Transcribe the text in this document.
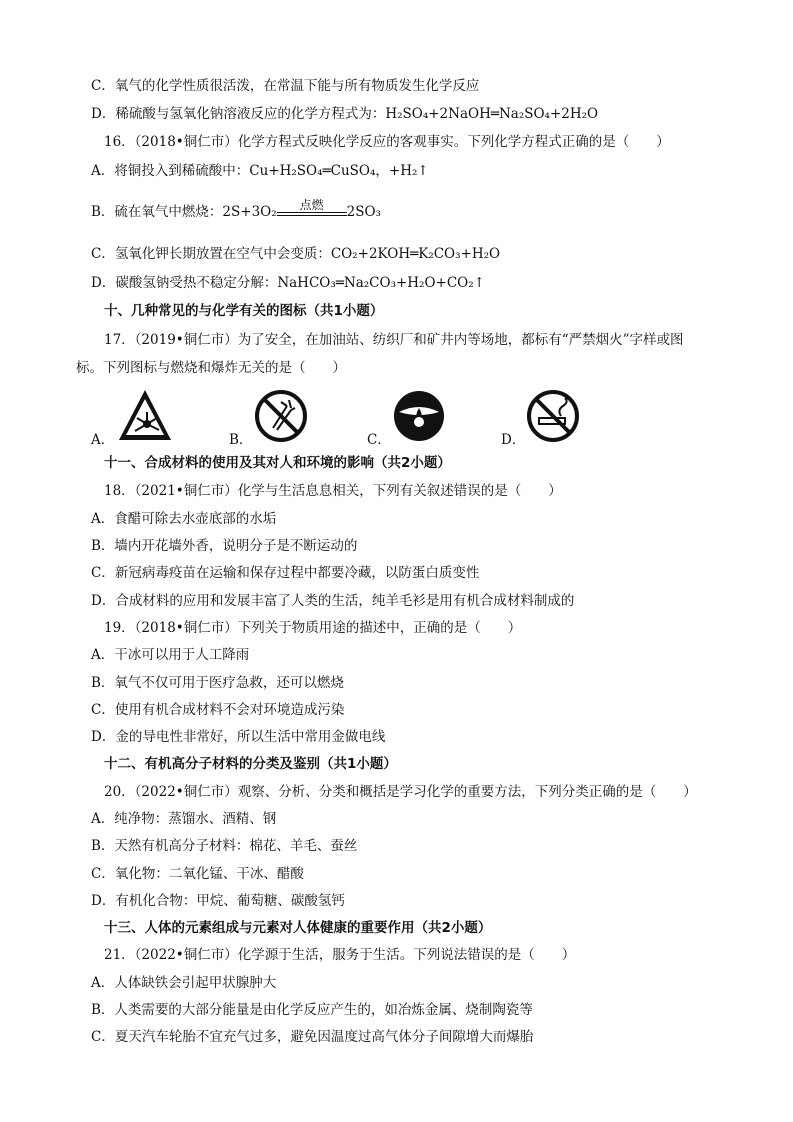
C．氧气的化学性质很活泼，在常温下能与所有物质发生化学反应
D．稀硫酸与氢氧化钠溶液反应的化学方程式为：H₂SO₄+2NaOH═Na₂SO₄+2H₂O
16．（2018•铜仁市）化学方程式反映化学反应的客观事实。下列化学方程式正确的是（　　）
A．将铜投入到稀硫酸中：Cu+H₂SO₄═CuSO₄，+H₂↑
B．硫在氧气中燃烧：2S+3O₂	点燃	2SO₃
C．氢氧化钾长期放置在空气中会变质：CO₂+2KOH═K₂CO₃+H₂O
D．碳酸氢钠受热不稳定分解：NaHCO₃═Na₂CO₃+H₂O+CO₂↑
十、几种常见的与化学有关的图标（共1小题）
17．（2019•铜仁市）为了安全，在加油站、纺织厂和矿井内等场地，都标有“严禁烟火”字样或图
标。下列图标与燃烧和爆炸无关的是（　　）
A．	B．	C．	D．
十一、合成材料的使用及其对人和环境的影响（共2小题）
18．（2021•铜仁市）化学与生活息息相关，下列有关叙述错误的是（　　）
A．食醋可除去水壶底部的水垢
B．墙内开花墙外香，说明分子是不断运动的
C．新冠病毒疫苗在运输和保存过程中都要冷藏，以防蛋白质变性
D．合成材料的应用和发展丰富了人类的生活，纯羊毛衫是用有机合成材料制成的
19．（2018•铜仁市）下列关于物质用途的描述中，正确的是（　　）
A．干冰可以用于人工降雨
B．氧气不仅可用于医疗急救，还可以燃烧
C．使用有机合成材料不会对环境造成污染
D．金的导电性非常好，所以生活中常用金做电线
十二、有机高分子材料的分类及鉴别（共1小题）
20．（2022•铜仁市）观察、分析、分类和概括是学习化学的重要方法，下列分类正确的是（　　）
A．纯净物：蒸馏水、酒精、钢
B．天然有机高分子材料：棉花、羊毛、蚕丝
C．氧化物：二氧化锰、干冰、醋酸
D．有机化合物：甲烷、葡萄糖、碳酸氢钙
十三、人体的元素组成与元素对人体健康的重要作用（共2小题）
21．（2022•铜仁市）化学源于生活，服务于生活。下列说法错误的是（　　）
A．人体缺铁会引起甲状腺肿大
B．人类需要的大部分能量是由化学反应产生的，如冶炼金属、烧制陶瓷等
C．夏天汽车轮胎不宜充气过多，避免因温度过高气体分子间隙增大而爆胎
